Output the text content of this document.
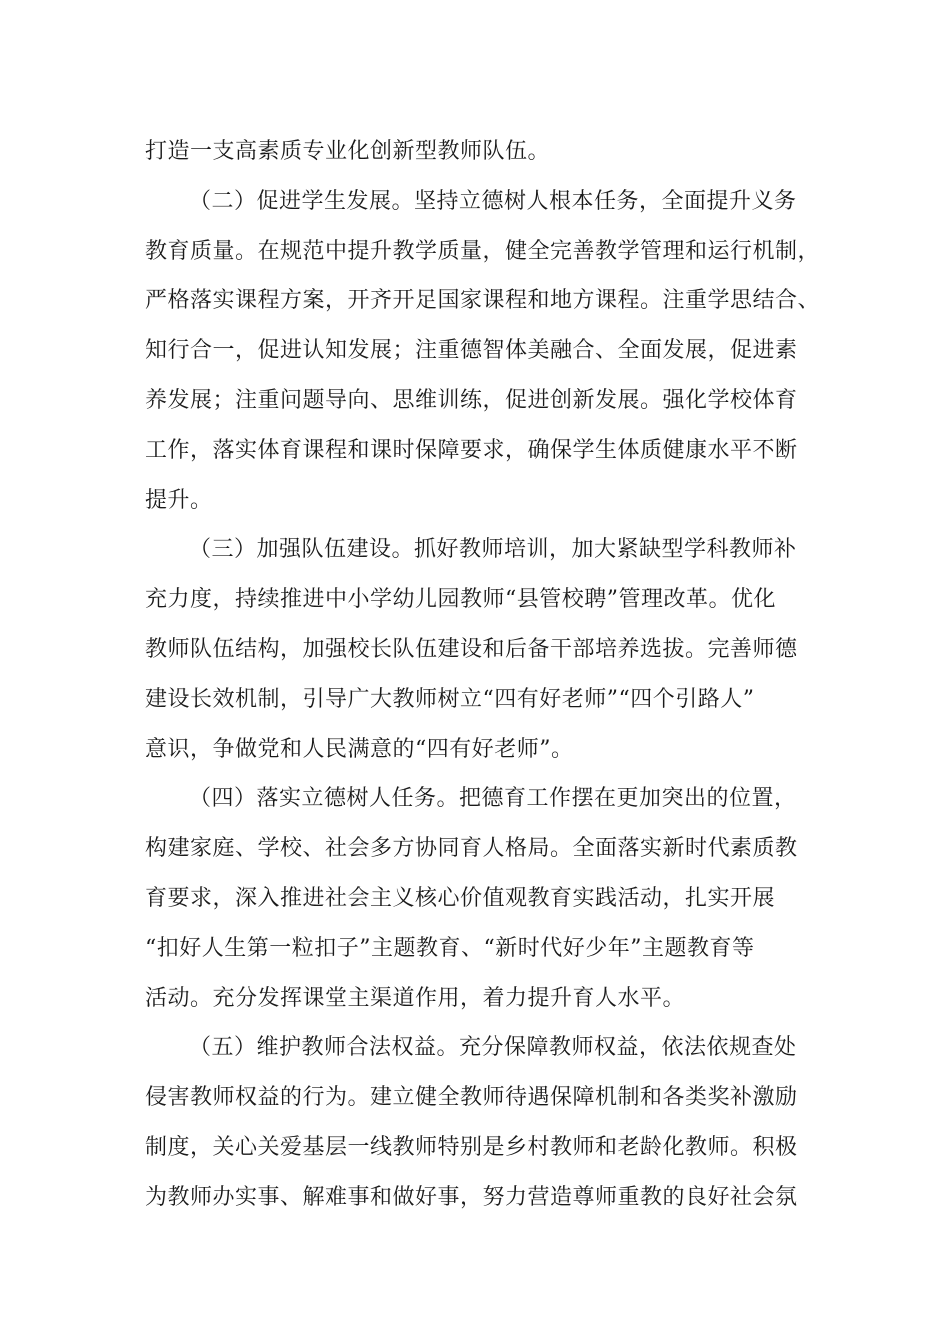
打造一支高素质专业化创新型教师队伍。
（二）促进学生发展。坚持立德树人根本任务，全面提升义务
教育质量。在规范中提升教学质量，健全完善教学管理和运行机制，
严格落实课程方案，开齐开足国家课程和地方课程。注重学思结合、
知行合一，促进认知发展；注重德智体美融合、全面发展，促进素
养发展；注重问题导向、思维训练，促进创新发展。强化学校体育
工作，落实体育课程和课时保障要求，确保学生体质健康水平不断
提升。
（三）加强队伍建设。抓好教师培训，加大紧缺型学科教师补
充力度，持续推进中小学幼儿园教师“县管校聘”管理改革。优化
教师队伍结构，加强校长队伍建设和后备干部培养选拔。完善师德
建设长效机制，引导广大教师树立“四有好老师”“四个引路人”
意识，争做党和人民满意的“四有好老师”。
（四）落实立德树人任务。把德育工作摆在更加突出的位置，
构建家庭、学校、社会多方协同育人格局。全面落实新时代素质教
育要求，深入推进社会主义核心价值观教育实践活动，扎实开展
“扣好人生第一粒扣子”主题教育、“新时代好少年”主题教育等
活动。充分发挥课堂主渠道作用，着力提升育人水平。
（五）维护教师合法权益。充分保障教师权益，依法依规查处
侵害教师权益的行为。建立健全教师待遇保障机制和各类奖补激励
制度，关心关爱基层一线教师特别是乡村教师和老龄化教师。积极
为教师办实事、解难事和做好事，努力营造尊师重教的良好社会氛
